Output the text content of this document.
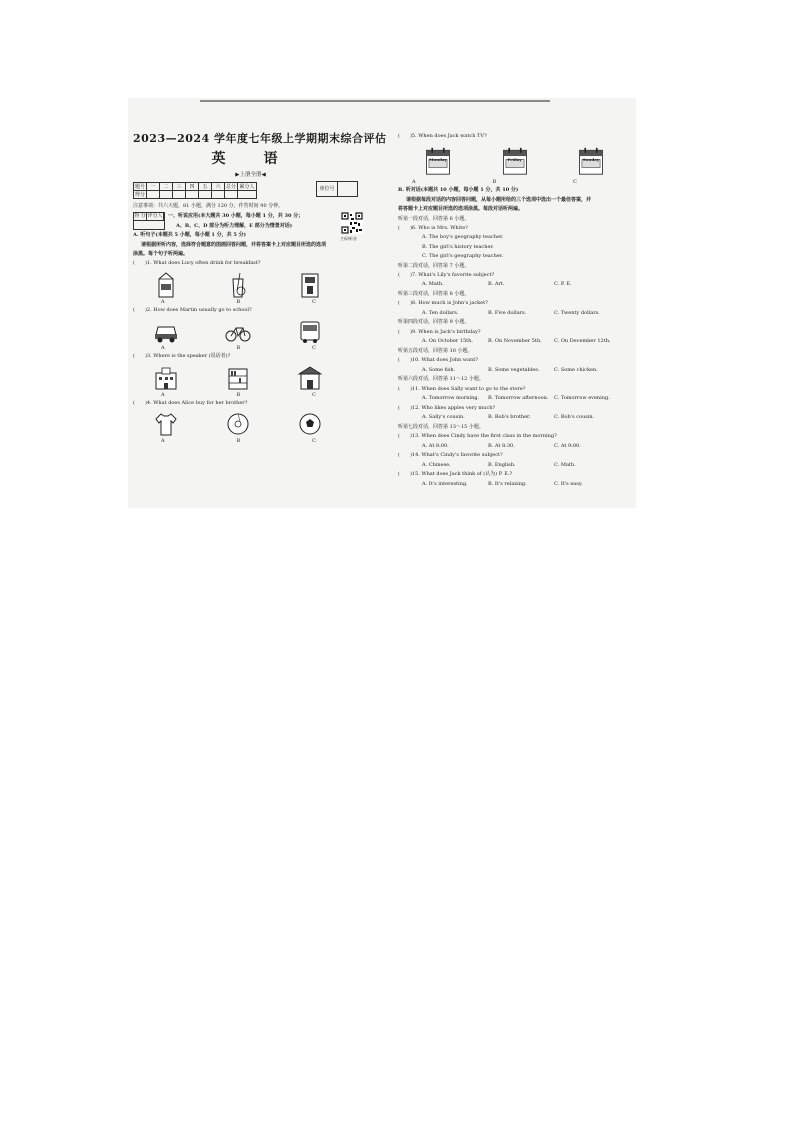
2023—2024 学年度七年级上学期期末综合评估
英　语
▶上册全册◀
题号	一	二	三	四	五	六	总分	累分人
得分								
座位号
注意事项：共六大题，81 小题，满分 120 分，作答时间 90 分钟。
得 分 评分人	一、听说应用(本大题共 30 小题，每小题 1 分，共 30 分；
A、B、C、D 部分为听力理解，E 部分为情景对话)
A. 听句子(本题共 5 小题，每小题 1 分，共 5 分)
请根据所听内容，选择符合题意的图画回答问题，并将答案卡上对应题目所选的选项
涂黑。每个句子听两遍。
(　　)1. What does Lucy often drink for breakfast?
A	B	C
(　　)2. How does Martin usually go to school?
A	B	C
(　　)3. Where is the speaker (说话者)?
A	B	C
(　　)4. What does Alice buy for her brother?
A	B	C
扫码听音
(　　)5. When does Jack watch TV?
Monday	Friday	Sunday
A	B	C
B. 听对话(本题共 10 小题，每小题 1 分，共 10 分)
请根据每段对话的内容回答问题，从每小题所给的三个选项中选出一个最佳答案，并
将答题卡上对应题目所选的选项涂黑。每段对话听两遍。
听第一段对话，回答第 6 小题。
(　　)6. Who is Mrs. White?
A. The boy's geography teacher.
B. The girl's history teacher.
C. The girl's geography teacher.
听第二段对话，回答第 7 小题。
(　　)7. What's Lily's favorite subject?
A. Math.	B. Art.	C. P. E.
听第三段对话，回答第 8 小题。
(　　)8. How much is John's jacket?
A. Ten dollars.	B. Five dollars.	C. Twenty dollars.
听第四段对话，回答第 9 小题。
(　　)9. When is Jack's birthday?
A. On October 15th.	B. On November 5th.	C. On December 12th.
听第五段对话，回答第 10 小题。
(　　)10. What does John want?
A. Some fish.	B. Some vegetables.	C. Some chicken.
听第六段对话，回答第 11～12 小题。
(　　)11. When does Sally want to go to the store?
A. Tomorrow morning.	B. Tomorrow afternoon.	C. Tomorrow evening.
(　　)12. Who likes apples very much?
A. Sally's cousin.	B. Bob's brother.	C. Bob's cousin.
听第七段对话，回答第 13～15 小题。
(　　)13. When does Cindy have the first class in the morning?
A. At 8:00.	B. At 8:30.	C. At 9:00.
(　　)14. What's Cindy's favorite subject?
A. Chinese.	B. English.	C. Math.
(　　)15. What does Jack think of (认为) P. E.?
A. It's interesting.	B. It's relaxing.	C. It's easy.
